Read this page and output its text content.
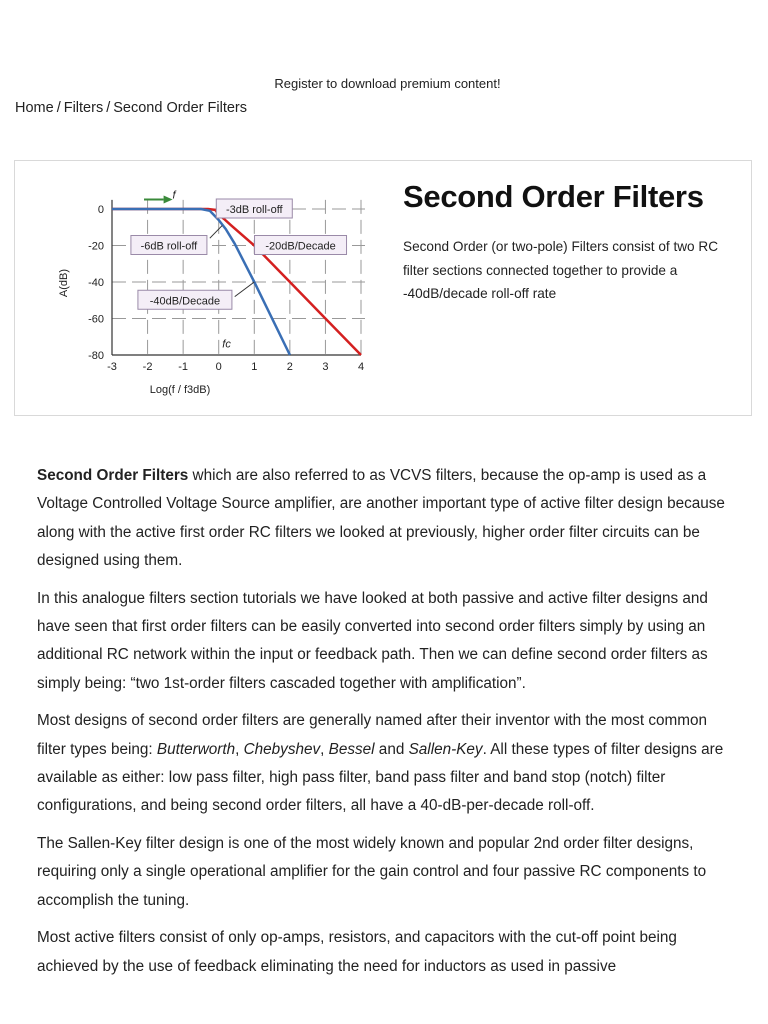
Register to download premium content!
Home / Filters / Second Order Filters
-3 -2 -1	0	1	2	3	4
0
-20
-40
-60
-80
A(dB)
Log(f / f3dB)
f
fc
-3dB roll-off
-6dB roll-off	-20dB/Decade
-40dB/Decade
Second Order Filters

Second Order (or two-pole) Filters consist of two RC filter sections connected together to provide a -40dB/decade roll-off rate

Second Order Filters which are also referred to as VCVS filters, because the op-amp is used as a Voltage Controlled Voltage Source amplifier, are another important type of active filter design because along with the active first order RC filters we looked at previously, higher order filter circuits can be designed using them.

In this analogue filters section tutorials we have looked at both passive and active filter designs and have seen that first order filters can be easily converted into second order filters simply by using an additional RC network within the input or feedback path. Then we can define second order filters as simply being: “two 1st-order filters cascaded together with amplification”.

Most designs of second order filters are generally named after their inventor with the most common filter types being: Butterworth, Chebyshev, Bessel and Sallen-Key. All these types of filter designs are available as either: low pass filter, high pass filter, band pass filter and band stop (notch) filter configurations, and being second order filters, all have a 40-dB-per-decade roll-off.

The Sallen-Key filter design is one of the most widely known and popular 2nd order filter designs, requiring only a single operational amplifier for the gain control and four passive RC components to accomplish the tuning.

Most active filters consist of only op-amps, resistors, and capacitors with the cut-off point being achieved by the use of feedback eliminating the need for inductors as used in passive
